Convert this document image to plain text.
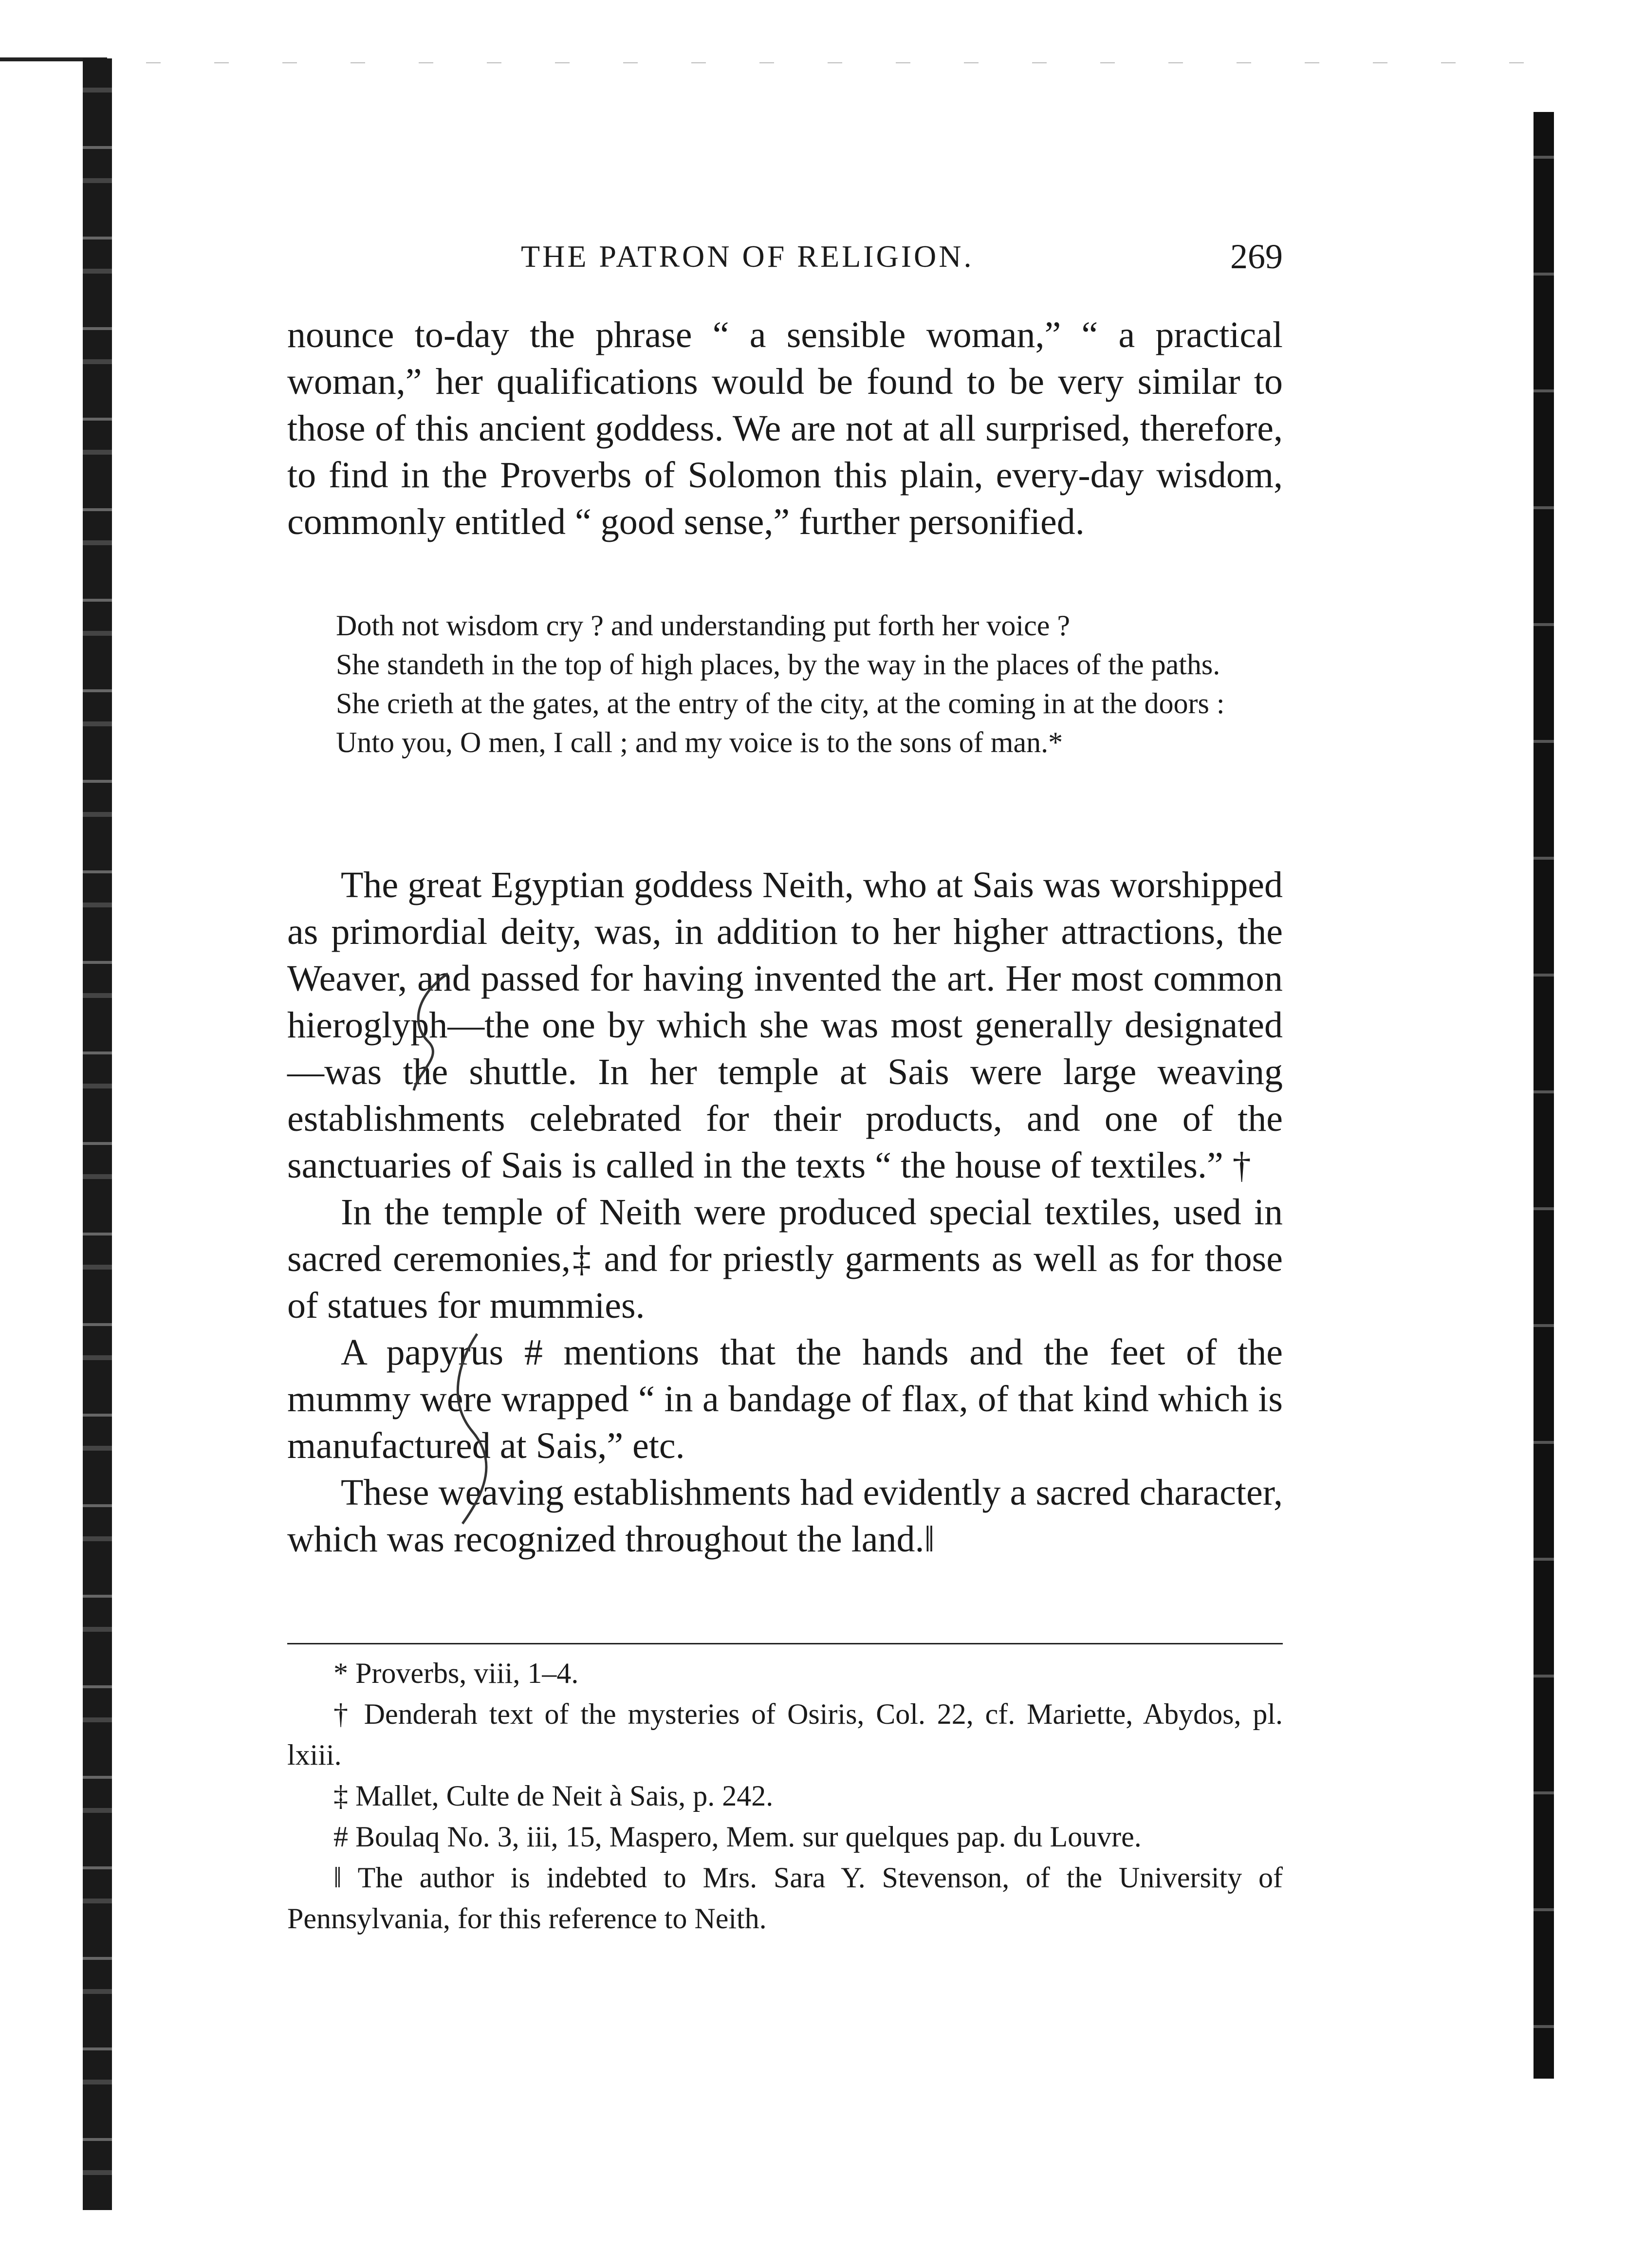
THE PATRON OF RELIGION.	269

nounce to-day the phrase “ a sensible woman,” “ a practical woman,” her qualifications would be found to be very similar to those of this ancient goddess. We are not at all surprised, therefore, to find in the Proverbs of Solomon this plain, every-day wisdom, commonly entitled “ good sense,” further personified.

Doth not wisdom cry ? and understanding put forth her voice ?

She standeth in the top of high places, by the way in the places of the paths.

She crieth at the gates, at the entry of the city, at the coming in at the doors :

Unto you, O men, I call ; and my voice is to the sons of man.*

The great Egyptian goddess Neith, who at Sais was worshipped as primordial deity, was, in addition to her higher attractions, the Weaver, and passed for having invented the art. Her most common hieroglyph—the one by which she was most generally designated—was the shuttle. In her temple at Sais were large weaving establishments celebrated for their products, and one of the sanctuaries of Sais is called in the texts “ the house of textiles.” †

In the temple of Neith were produced special textiles, used in sacred ceremonies,‡ and for priestly garments as well as for those of statues for mummies.

A papyrus # mentions that the hands and the feet of the mummy were wrapped “ in a bandage of flax, of that kind which is manufactured at Sais,” etc.

These weaving establishments had evidently a sacred character, which was recognized throughout the land.‖

* Proverbs, viii, 1–4.

† Denderah text of the mysteries of Osiris, Col. 22, cf. Mariette, Abydos, pl. lxiii.

‡ Mallet, Culte de Neit à Sais, p. 242.

# Boulaq No. 3, iii, 15, Maspero, Mem. sur quelques pap. du Louvre.

‖ The author is indebted to Mrs. Sara Y. Stevenson, of the University of Pennsylvania, for this reference to Neith.
